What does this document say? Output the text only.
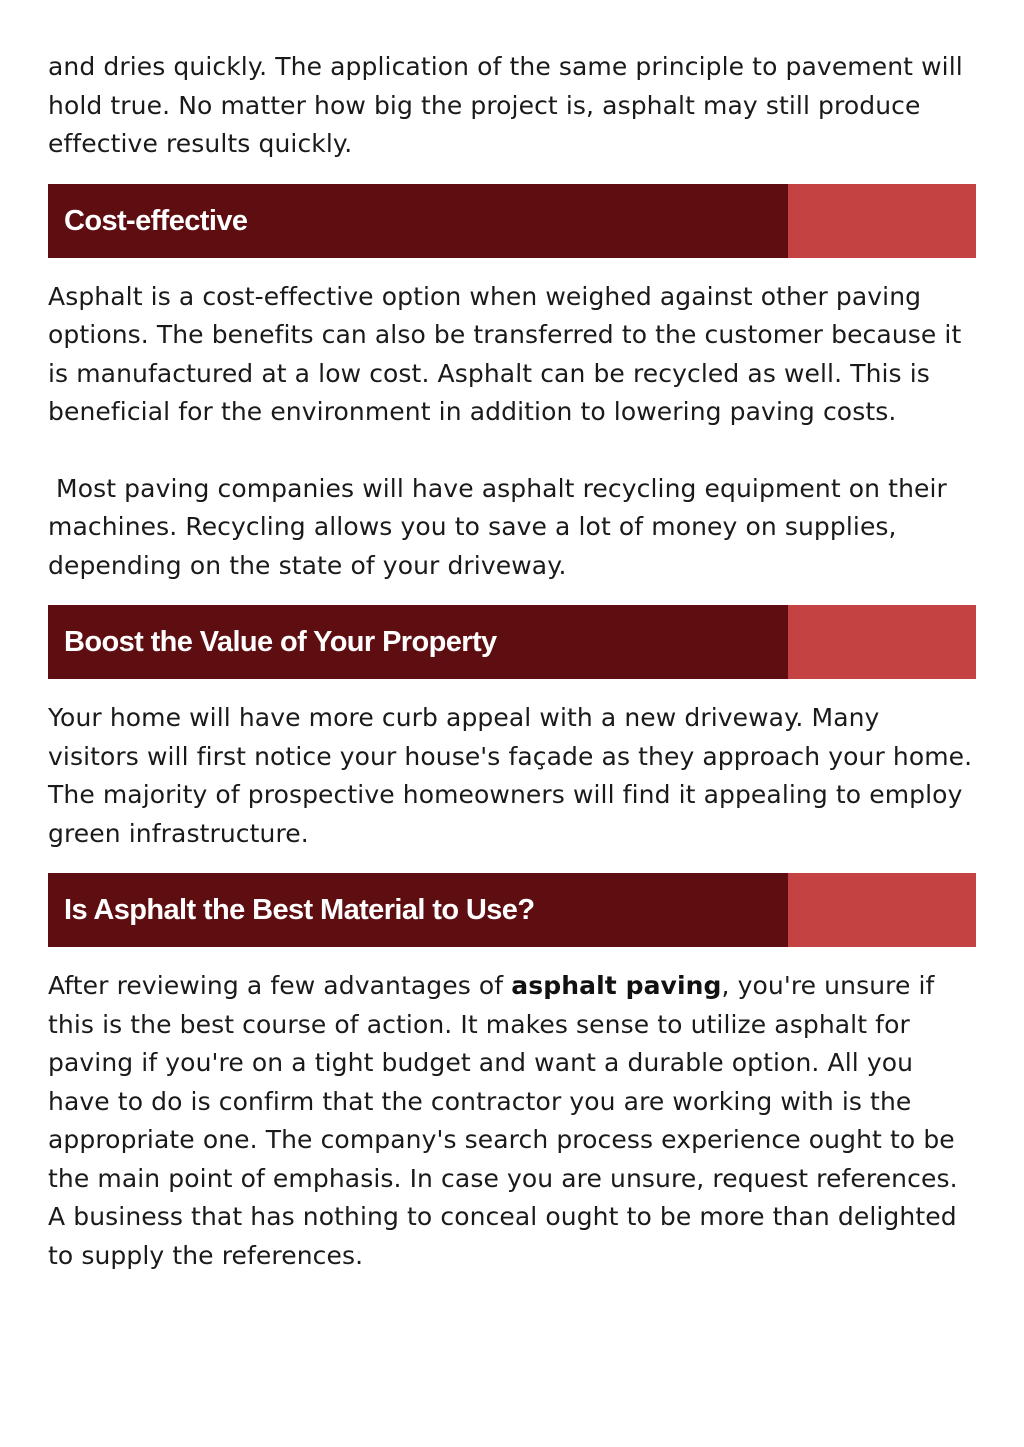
and dries quickly. The application of the same principle to pavement will hold true. No matter how big the project is, asphalt may still produce effective results quickly.

Cost-effective

Asphalt is a cost-effective option when weighed against other paving options. The benefits can also be transferred to the customer because it is manufactured at a low cost. Asphalt can be recycled as well. This is beneficial for the environment in addition to lowering paving costs.

Most paving companies will have asphalt recycling equipment on their machines. Recycling allows you to save a lot of money on supplies, depending on the state of your driveway.

Boost the Value of Your Property

Your home will have more curb appeal with a new driveway. Many visitors will first notice your house's façade as they approach your home. The majority of prospective homeowners will find it appealing to employ green infrastructure.

Is Asphalt the Best Material to Use?

After reviewing a few advantages of asphalt paving, you're unsure if this is the best course of action. It makes sense to utilize asphalt for paving if you're on a tight budget and want a durable option. All you have to do is confirm that the contractor you are working with is the appropriate one. The company's search process experience ought to be the main point of emphasis. In case you are unsure, request references. A business that has nothing to conceal ought to be more than delighted to supply the references.
